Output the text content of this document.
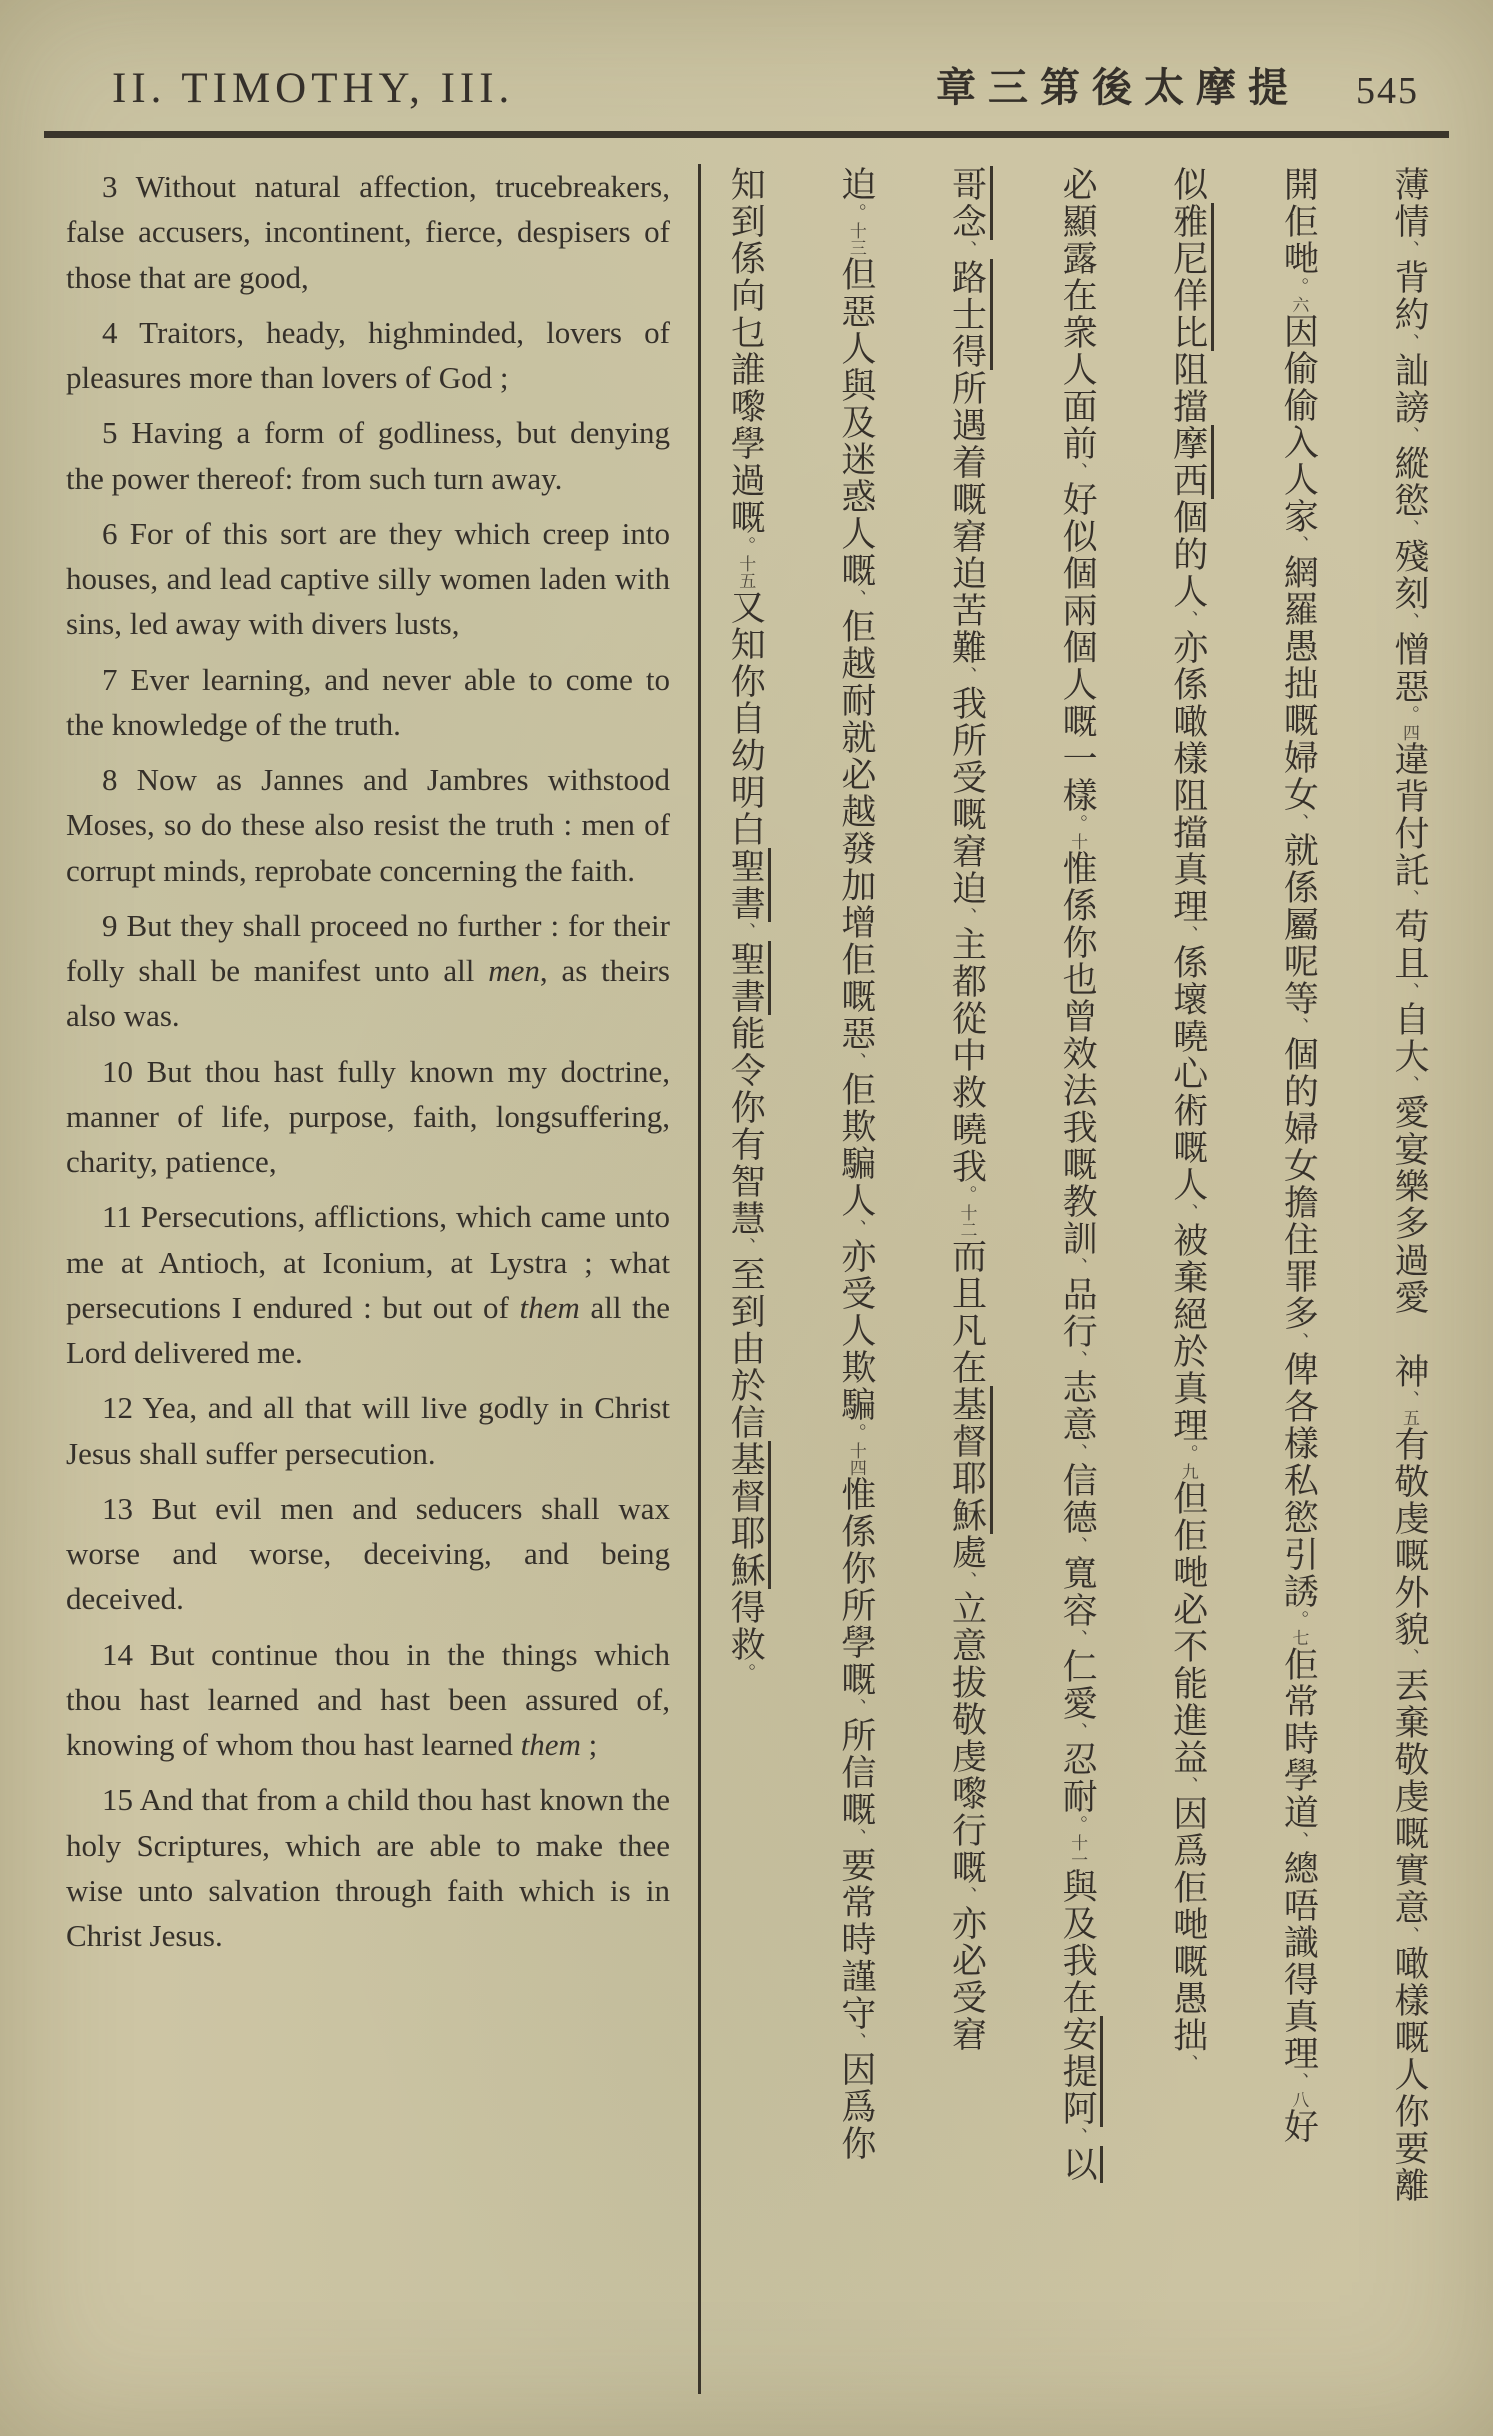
II. TIMOTHY, III.	章三第後太摩提 545

3 Without natural affection, trucebreakers, false accusers, incontinent, fierce, despisers of those that are good,

4 Traitors, heady, highminded, lovers of pleasures more than lovers of God ;

5 Having a form of godliness, but denying the power thereof: from such turn away.

6 For of this sort are they which creep into houses, and lead captive silly women laden with sins, led away with divers lusts,

7 Ever learning, and never able to come to the knowledge of the truth.

8 Now as Jannes and Jambres withstood Moses, so do these also resist the truth : men of corrupt minds, reprobate concerning the faith.

9 But they shall proceed no further : for their folly shall be manifest unto all men, as theirs also was.

10 But thou hast fully known my doctrine, manner of life, purpose, faith, longsuffering, charity, patience,

11 Persecutions, afflictions, which came unto me at Antioch, at Iconium, at Lystra ; what persecutions I endured : but out of them all the Lord delivered me.

12 Yea, and all that will live godly in Christ Jesus shall suffer persecution.

13 But evil men and seducers shall wax worse and worse, deceiving, and being deceived.

14 But continue thou in the things which thou hast learned and hast been assured of, knowing of whom thou hast learned them ;

15 And that from a child thou hast known the holy Scriptures, which are able to make thee wise unto salvation through faith which is in Christ Jesus.

薄情、背約、訕謗、縱慾、殘刻、憎惡。四違背付託、苟且、自大、愛宴樂多過愛　神、五有敬虔嘅外貌、丟棄敬虔嘅實意、噉樣嘅人你要離
開佢哋。六因偷偷入人家、網羅愚拙嘅婦女、就係屬呢等、個的婦女擔住罪多、俾各樣私慾引誘。七佢常時學道、總唔識得真理、八好
似雅尼佯比阻擋摩西個的人、亦係噉樣阻擋真理、係壞曉心術嘅人、被棄絕於真理。九但佢哋必不能進益、因爲佢哋嘅愚拙、
必顯露在衆人面前、好似個兩個人嘅一樣。十惟係你也曾效法我嘅教訓、品行、志意、信德、寬容、仁愛、忍耐。十一與及我在安提阿、以
哥念、路士得所遇着嘅窘迫苦難、我所受嘅窘迫、主都從中救曉我。十二而且凡在基督耶穌處、立意拔敬虔嚟行嘅、亦必受窘
迫。十三但惡人與及迷惑人嘅、佢越耐就必越發加增佢嘅惡、佢欺騙人、亦受人欺騙。十四惟係你所學嘅、所信嘅、要常時謹守、因爲你
知到係向乜誰嚟學過嘅。十五又知你自幼明白聖書、聖書能令你有智慧、至到由於信基督耶穌得救。
